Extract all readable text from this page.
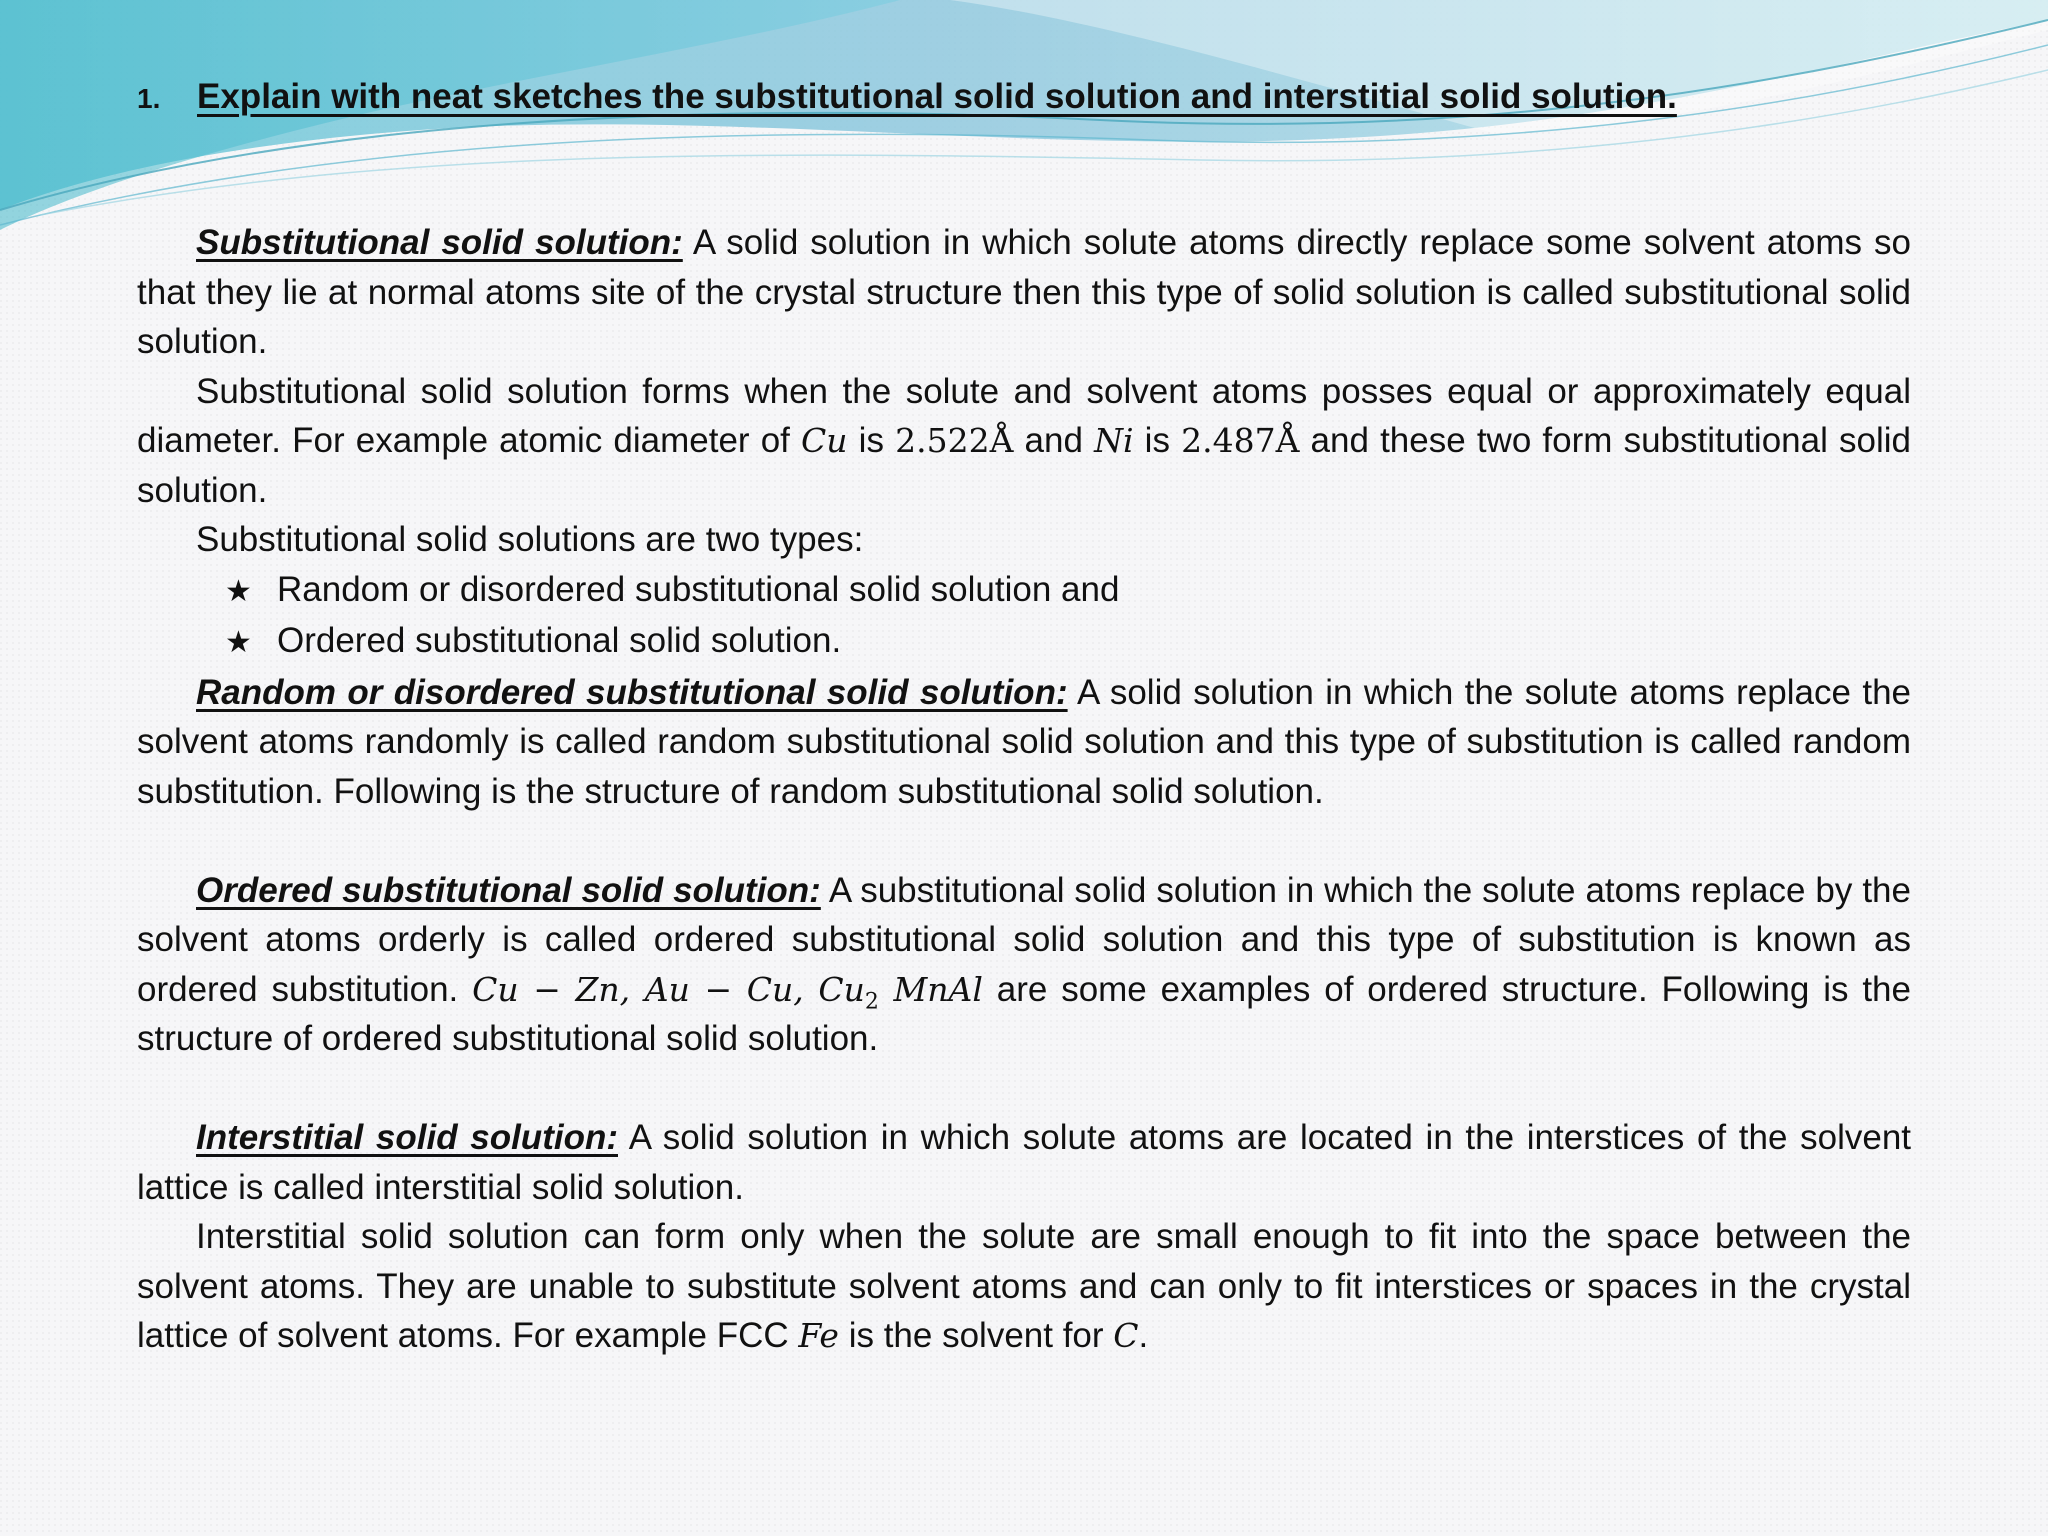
1.	Explain with neat sketches the substitutional solid solution and interstitial solid solution.

Substitutional solid solution: A solid solution in which solute atoms directly replace some solvent atoms so that they lie at normal atoms site of the crystal structure then this type of solid solution is called substitutional solid solution.

Substitutional solid solution forms when the solute and solvent atoms posses equal or approximately equal diameter. For example atomic diameter of Cu is 2.522Å and Ni is 2.487Å and these two form substitutional solid solution.

Substitutional solid solutions are two types:

★ Random or disordered substitutional solid solution and
★ Ordered substitutional solid solution.

Random or disordered substitutional solid solution: A solid solution in which the solute atoms replace the solvent atoms randomly is called random substitutional solid solution and this type of substitution is called random substitution. Following is the structure of random substitutional solid solution.

Ordered substitutional solid solution: A substitutional solid solution in which the solute atoms replace by the solvent atoms orderly is called ordered substitutional solid solution and this type of substitution is known as ordered substitution. Cu − Zn, Au − Cu, $Cu_2$ MnAl are some examples of ordered structure. Following is the structure of ordered substitutional solid solution.

Interstitial solid solution: A solid solution in which solute atoms are located in the interstices of the solvent lattice is called interstitial solid solution.

Interstitial solid solution can form only when the solute are small enough to fit into the space between the solvent atoms. They are unable to substitute solvent atoms and can only to fit interstices or spaces in the crystal lattice of solvent atoms. For example FCC Fe is the solvent for C.
